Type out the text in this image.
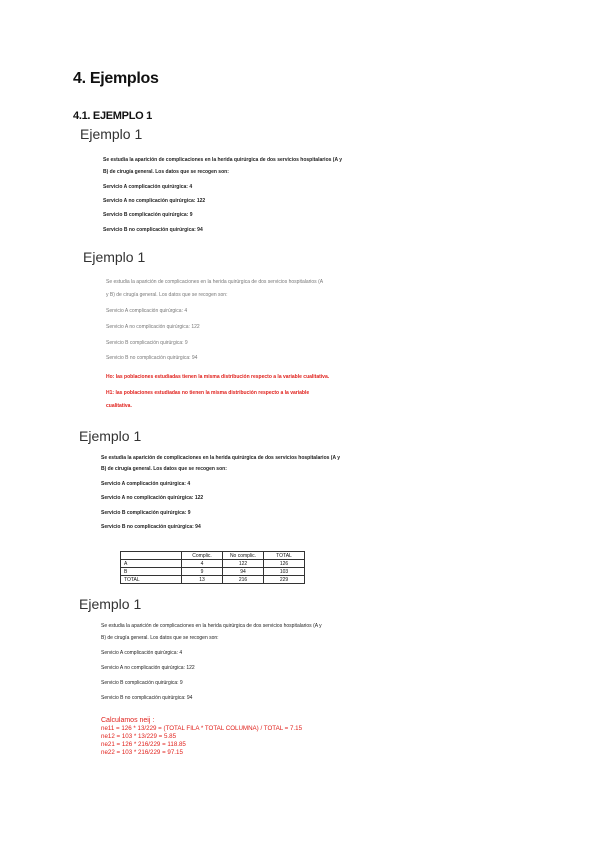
4. Ejemplos
4.1. EJEMPLO 1
Ejemplo 1
Se estudia la aparición de complicaciones en la herida quirúrgica de dos servicios hospitalarios (A y
B) de cirugía general. Los datos que se recogen son:
Servicio A complicación quirúrgica: 4
Servicio A no complicación quirúrgica: 122
Servicio B complicación quirúrgica: 9
Servicio B no complicación quirúrgica: 94
Ejemplo 1
Se estudia la aparición de complicaciones en la herida quirúrgica de dos servicios hospitalarios (A
y B) de cirugía general. Los datos que se recogen son:
Servicio A complicación quirúrgica: 4
Servicio A no complicación quirúrgica: 122
Servicio B complicación quirúrgica: 9
Servicio B no complicación quirúrgica: 94
Ho: las poblaciones estudiadas tienen la misma distribución respecto a la variable cualitativa.
H1: las poblaciones estudiadas no tienen la misma distribución respecto a la variable
cualitativa.
Ejemplo 1
Se estudia la aparición de complicaciones en la herida quirúrgica de dos servicios hospitalarios (A y
B) de cirugía general. Los datos que se recogen son:
Servicio A complicación quirúrgica: 4
Servicio A no complicación quirúrgica: 122
Servicio B complicación quirúrgica: 9
Servicio B no complicación quirúrgica: 94
	Complic.	No complic.	TOTAL
A	4	122	126
B	9	94	103
TOTAL	13	216	229
Ejemplo 1
Se estudia la aparición de complicaciones en la herida quirúrgica de dos servicios hospitalarios (A y
B) de cirugía general. Los datos que se recogen son:
Servicio A complicación quirúrgica: 4
Servicio A no complicación quirúrgica: 122
Servicio B complicación quirúrgica: 9
Servicio B no complicación quirúrgica: 94
Calculamos neij :
ne11 = 126 * 13/229 = (TOTAL FILA * TOTAL COLUMNA) / TOTAL = 7.15
ne12 = 103 * 13/229 = 5.85
ne21 = 126 * 216/229 = 118.85
ne22 = 103 * 216/229 = 97.15
